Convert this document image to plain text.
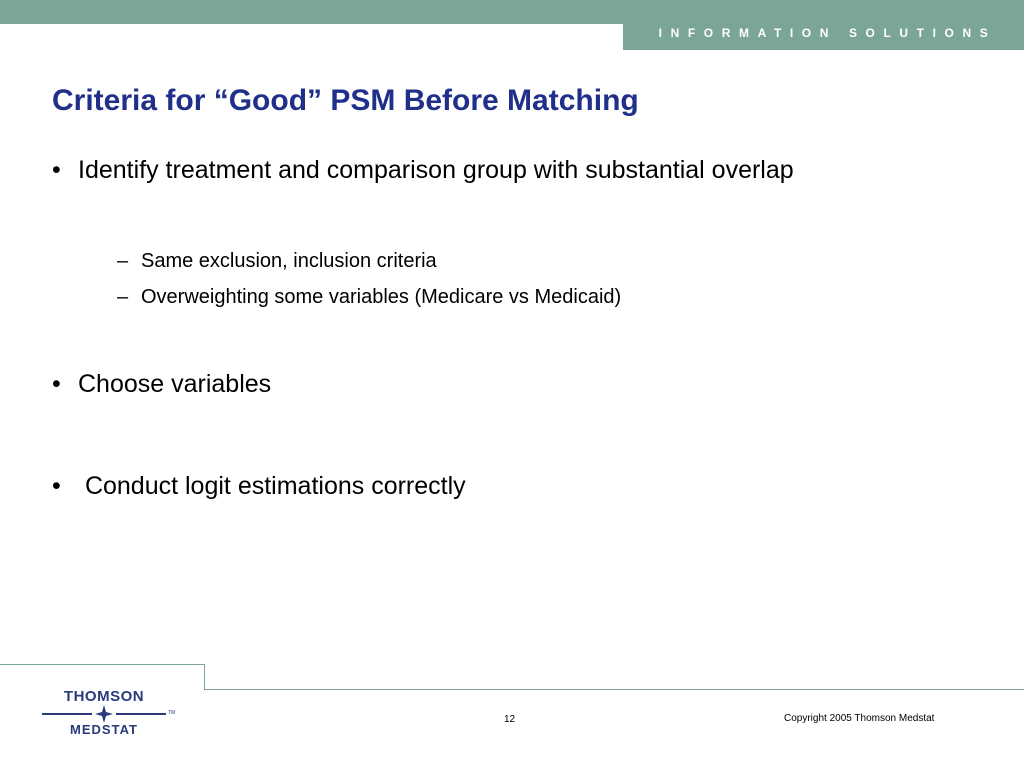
INFORMATION SOLUTIONS
Criteria for “Good” PSM Before Matching
• Identify treatment and comparison group with substantial overlap
– Same exclusion, inclusion criteria
– Overweighting some variables (Medicare vs Medicaid)
• Choose variables
• Conduct logit estimations correctly
THOMSON
TM
MEDSTAT
12	Copyright 2005 Thomson Medstat
